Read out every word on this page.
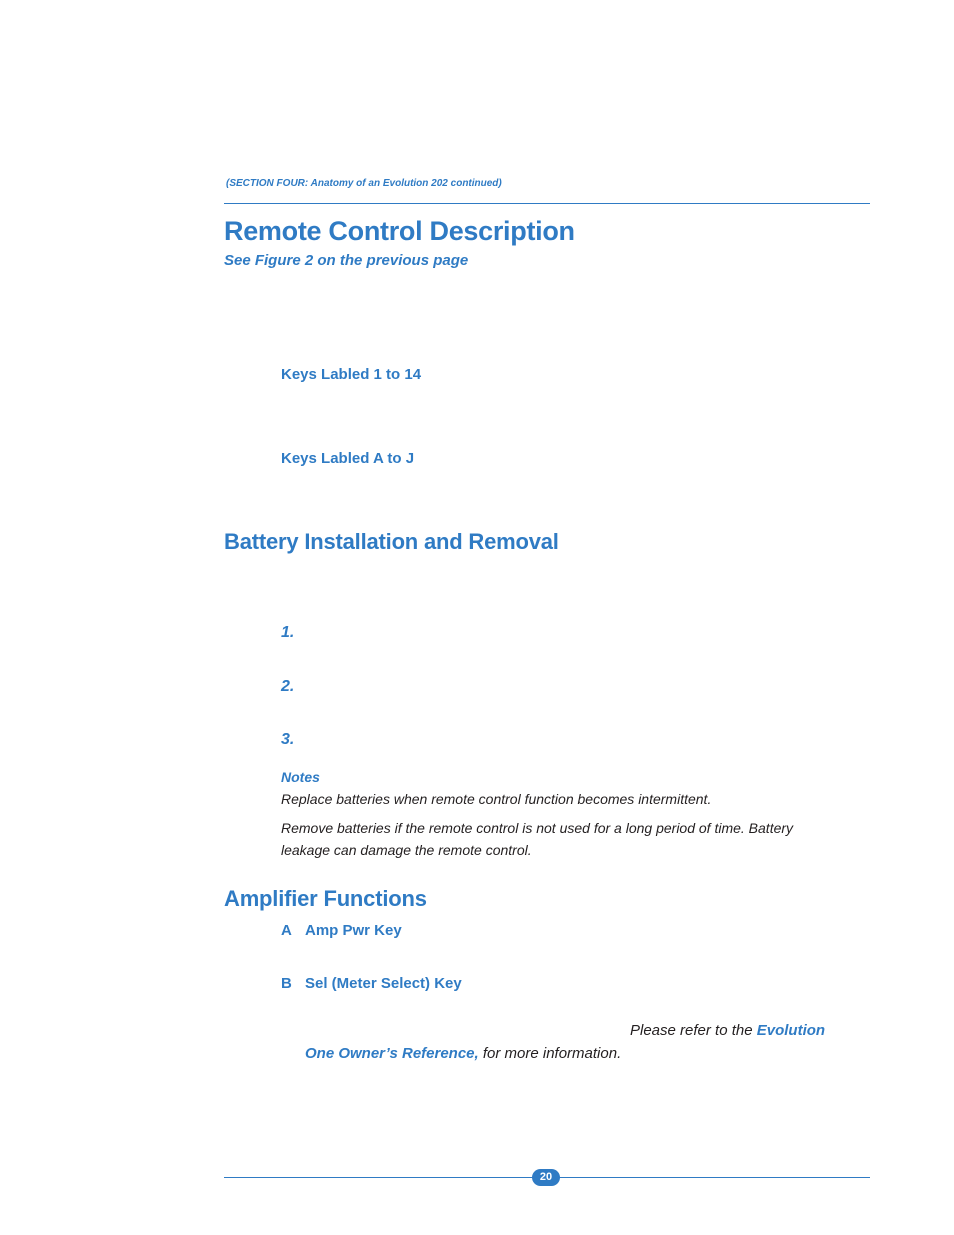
(SECTION FOUR: Anatomy of an Evolution 202 continued)
Remote Control Description
See Figure 2 on the previous page
Keys Labled 1 to 14
Keys Labled A to J
Battery Installation and Removal
1.
2.
3.
Notes
Replace batteries when remote control function becomes intermittent.
Remove batteries if the remote control is not used for a long period of time. Battery
leakage can damage the remote control.
Amplifier Functions
A Amp Pwr Key
B Sel (Meter Select) Key
Please refer to the Evolution
One Owner’s Reference, for more information.
20
